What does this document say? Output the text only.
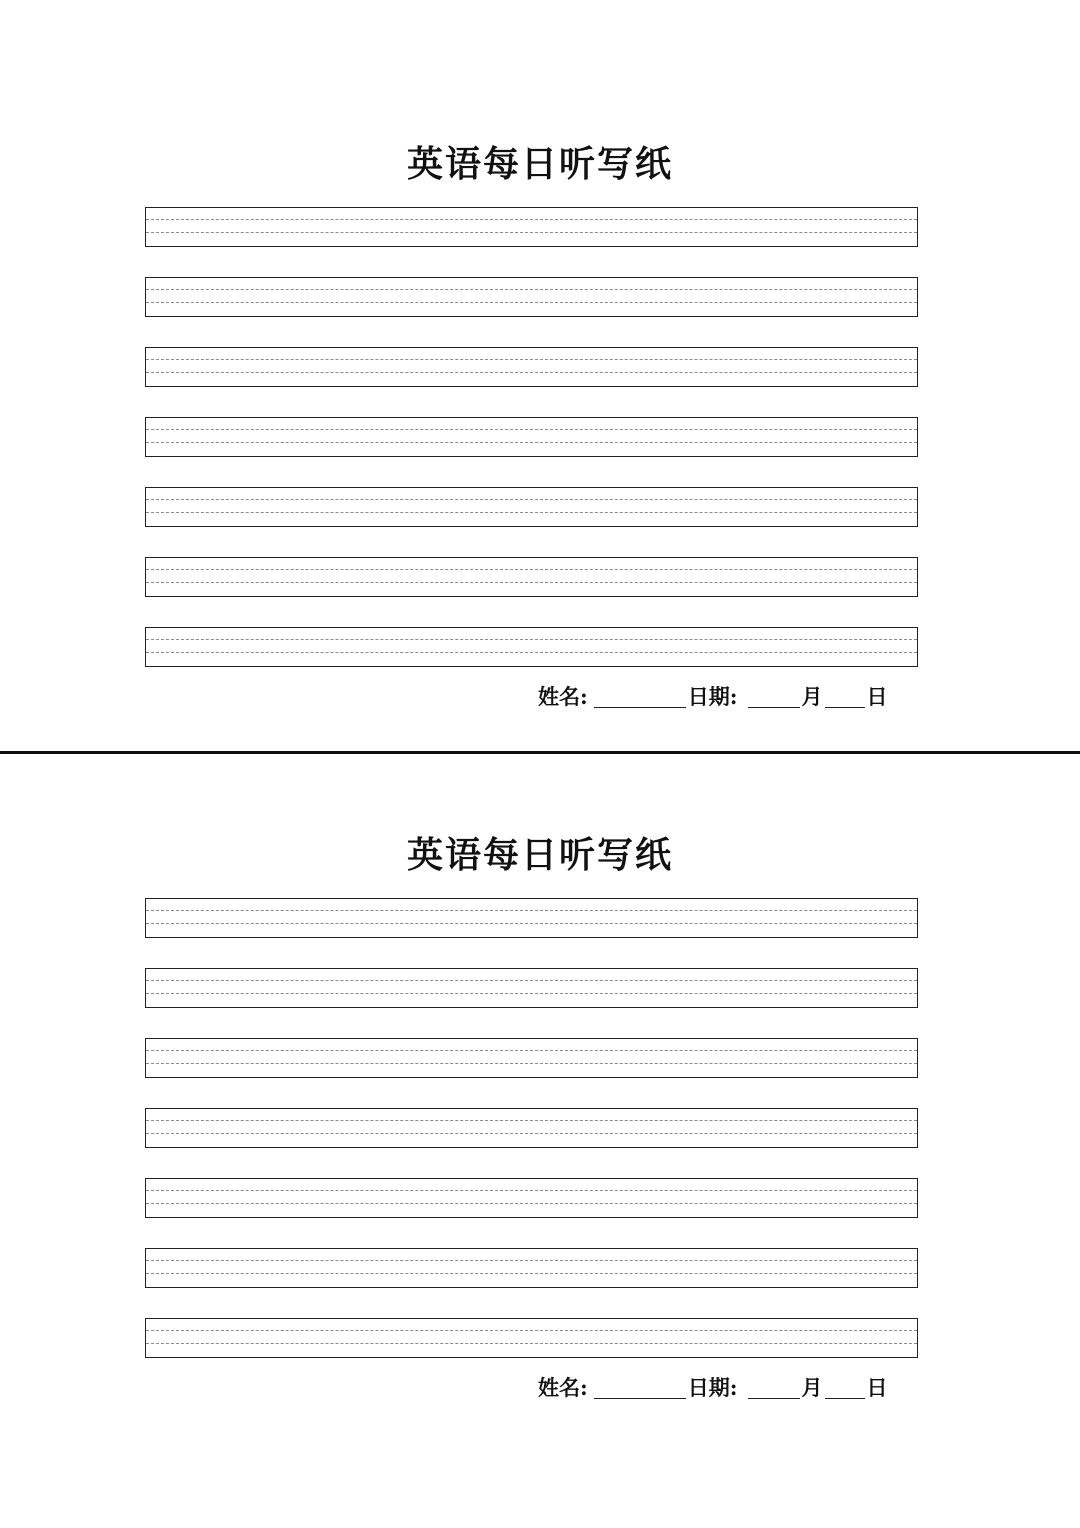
英语每日听写纸
姓名:	日期:	月 日
英语每日听写纸
姓名:	日期:	月 日
